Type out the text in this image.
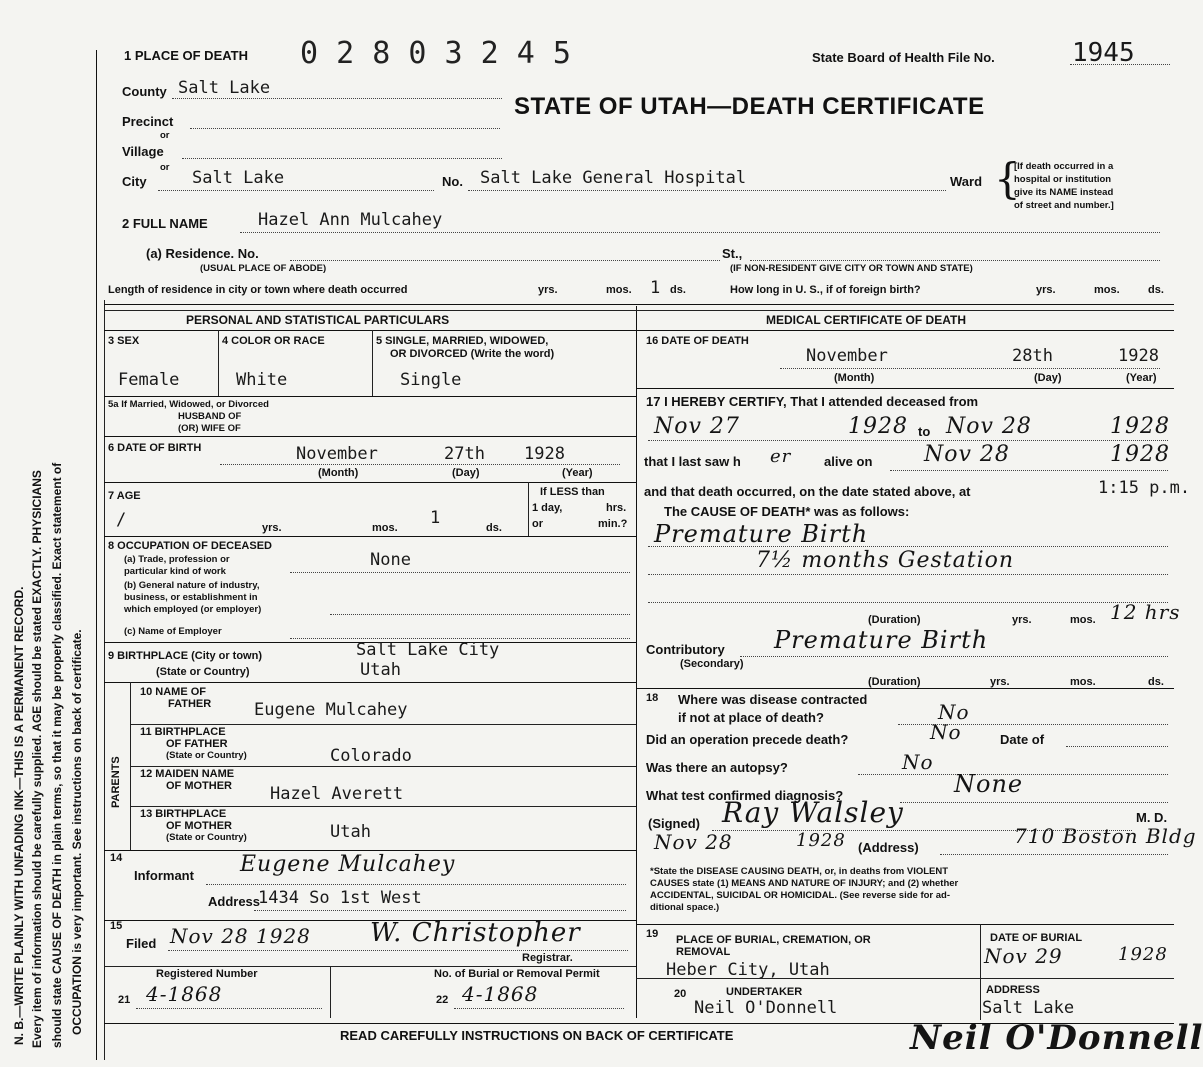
N. B.—WRITE PLAINLY WITH UNFADING INK—THIS IS A PERMANENT RECORD. Every item of information should be carefully supplied. AGE should be stated EXACTLY. PHYSICIANS should state CAUSE OF DEATH in plain terms, so that it may be properly classified. Exact statement of OCCUPATION is very important. See instructions on back of certificate.
1 PLACE OF DEATH 0 2 8 0 3 2 4 5	State Board of Health File No.	1945
STATE OF UTAH—DEATH CERTIFICATE
County Salt Lake
Precinct
or
Village
or
City	Salt Lake	No. Salt Lake General Hospital	Ward {
[If death occurred in a
hospital or institution
give its NAME instead
of street and number.]
2 FULL NAME	Hazel Ann Mulcahey
(a) Residence. No.	St.,
(USUAL PLACE OF ABODE)	(IF NON-RESIDENT GIVE CITY OR TOWN AND STATE)
Length of residence in city or town where death occurred	yrs.	mos. 1 ds.	How long in U. S., if of foreign birth?	yrs.	mos.	ds.
PERSONAL AND STATISTICAL PARTICULARS
3 SEX
Female
4 COLOR OR RACE
White
5 SINGLE, MARRIED, WIDOWED,
OR DIVORCED (Write the word)
Single
5a If Married, Widowed, or Divorced
HUSBAND OF
(OR) WIFE OF
6 DATE OF BIRTH	November	27th 1928
(Month)	(Day)	(Year)
7 AGE
/	1
yrs.	mos.	ds.
If LESS than
1 day,	hrs.
or	min.?
8 OCCUPATION OF DECEASED
(a) Trade, profession or
particular kind of work
None
(b) General nature of industry,
business, or establishment in
which employed (or employer)
(c) Name of Employer
9 BIRTHPLACE (City or town)	Salt Lake City
(State or Country)	Utah
PARENTS
10 NAME OF
FATHER	Eugene Mulcahey
11 BIRTHPLACE
OF FATHER
(State or Country)	Colorado
12 MAIDEN NAME
OF MOTHER Hazel Averett
13 BIRTHPLACE
OF MOTHER
(State or Country)	Utah
14
Informant Eugene Mulcahey
Address
1434 So 1st West
15
Filed Nov 28 1928 W. Christopher
Registrar.
Registered Number
21 4-1868
No. of Burial or Removal Permit
22 4-1868
MEDICAL CERTIFICATE OF DEATH
16 DATE OF DEATH
November	28th	1928
(Month)	(Day)	(Year)
17 I HEREBY CERTIFY, That I attended deceased from
Nov 27	1928 to Nov 28	1928
that I last saw h er	alive on Nov 28	1928
and that death occurred, on the date stated above, at	1:15 p.m.
The CAUSE OF DEATH* was as follows:
Premature Birth
7½ months Gestation
(Duration)	yrs.	mos. 12 hrs
Contributory
(Secondary)
Premature Birth
(Duration)	yrs.	mos.	ds.
18 Where was disease contracted
if not at place of death?	No
Did an operation precede death?	No	Date of
Was there an autopsy?	No
What test confirmed diagnosis?	None
(Signed) Ray Walsley	M. D.
Nov 28	1928 (Address)	710 Boston Bldg
*State the DISEASE CAUSING DEATH, or, in deaths from VIOLENT
CAUSES state (1) MEANS AND NATURE OF INJURY; and (2) whether
ACCIDENTAL, SUICIDAL OR HOMICIDAL. (See reverse side for ad-
ditional space.)
19 PLACE OF BURIAL, CREMATION, OR
REMOVAL
Heber City, Utah
DATE OF BURIAL
Nov 29	1928
20	UNDERTAKER
Neil O'Donnell
ADDRESS
Salt Lake
READ CAREFULLY INSTRUCTIONS ON BACK OF CERTIFICATE	Neil O'Donnell
